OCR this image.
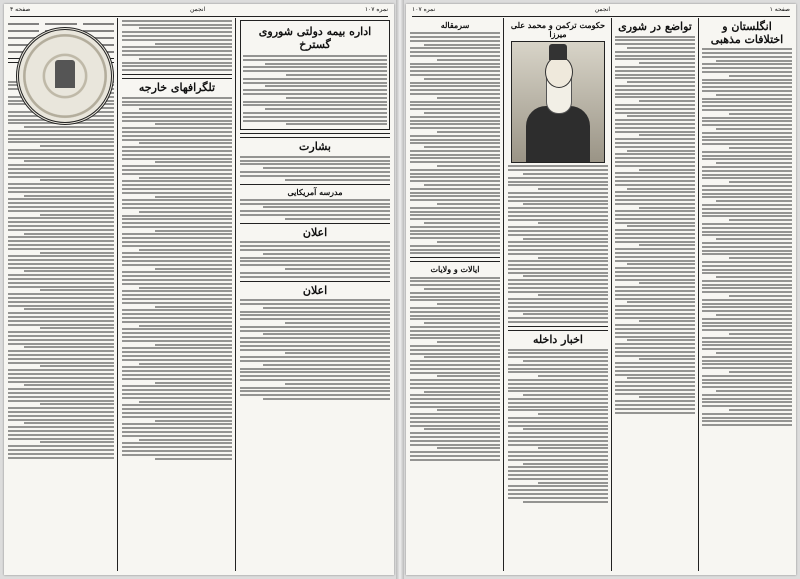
نمره ۱۰۷
انجمن
صفحه ۴
اداره بیمه دولتی شوروی گسترخ
بشارت
مدرسه آمریکایی
اعلان
اعلان
تلگرافهای خارجه
صفحه ۱
انجمن
نمره ۱۰۷
انگلستان و اختلافات مذهبی
تواضع در شوری
حکومت ترکمن و محمد علی میرزا
اخبار داخله
سرمقاله
ایالات و ولایات
